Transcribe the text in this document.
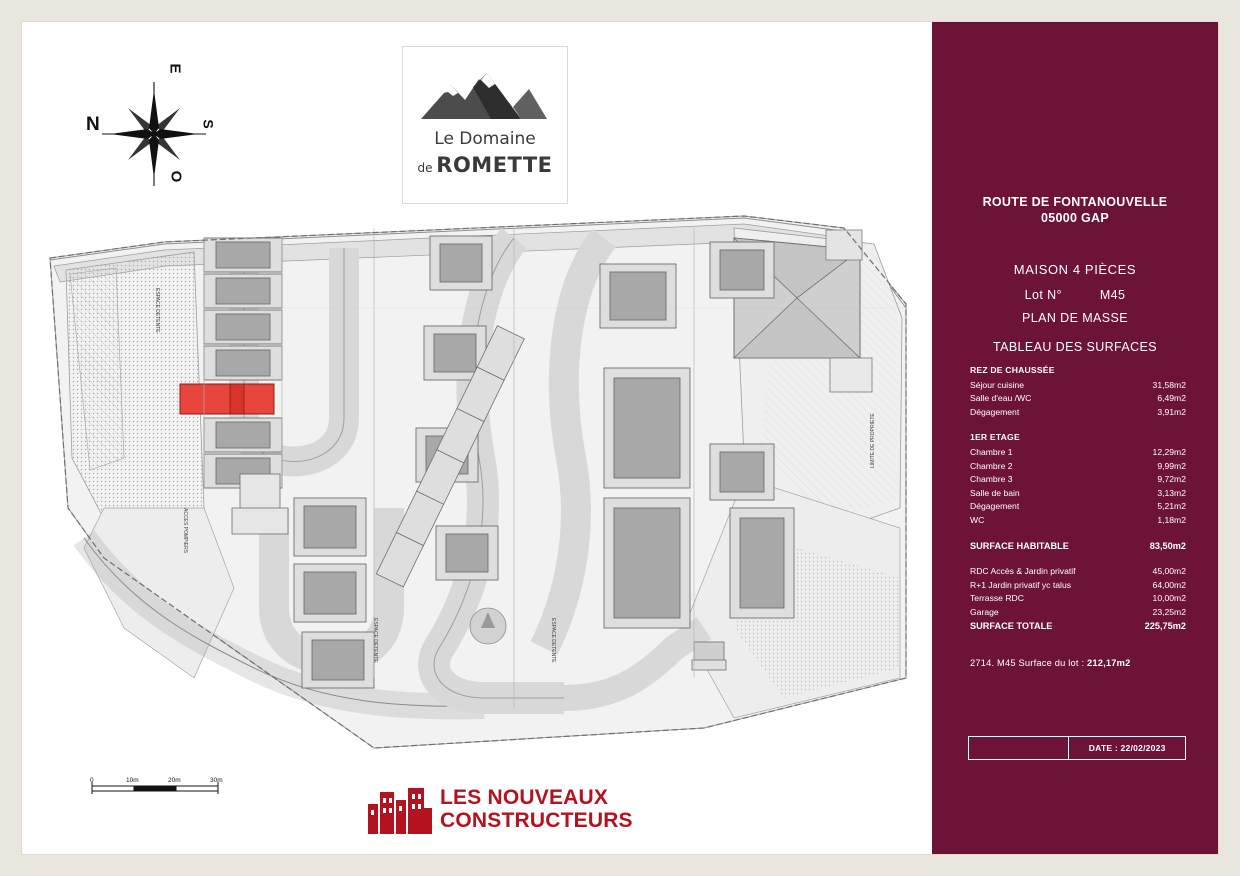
N	S
E
O
Le Domaine
de ROMETTE
ESPACE DETENTE
ESPACE DETENTE	ESPACE DETENTE
ACCES POMPIERS
LIMITE DE PROPRIETE
0	10m	20m	30m
LES NOUVEAUX
CONSTRUCTEURS
ROUTE DE FONTANOUVELLE
05000 GAP
MAISON 4 PIÈCES
Lot N°	M45
PLAN DE MASSE
TABLEAU DES SURFACES
REZ DE CHAUSSÉE
Séjour cuisine	31,58m2
Salle d'eau /WC	6,49m2
Dégagement	3,91m2
1ER ETAGE
Chambre 1	12,29m2
Chambre 2	9,99m2
Chambre 3	9,72m2
Salle de bain	3,13m2
Dégagement	5,21m2
WC	1,18m2
SURFACE HABITABLE	83,50m2
RDC Accès & Jardin privatif	45,00m2
R+1 Jardin privatif yc talus	64,00m2
Terrasse RDC	10,00m2
Garage	23,25m2
SURFACE TOTALE	225,75m2
2714. M45 Surface du lot : 212,17m2
DATE : 22/02/2023
